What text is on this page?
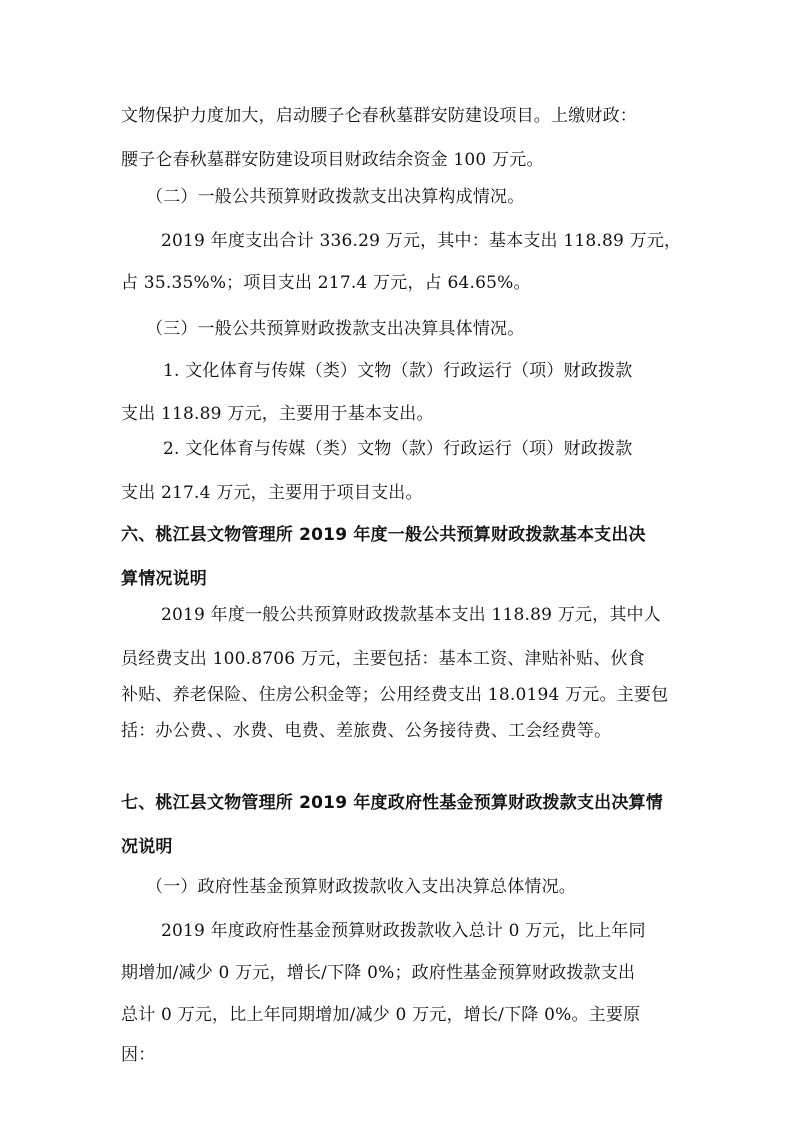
文物保护力度加大，启动腰子仑春秋墓群安防建设项目。上缴财政：
腰子仑春秋墓群安防建设项目财政结余资金 100 万元。
（二）一般公共预算财政拨款支出决算构成情况。
2019 年度支出合计 336.29 万元，其中：基本支出 118.89 万元，
占 35.35%%；项目支出 217.4 万元，占 64.65%。
（三）一般公共预算财政拨款支出决算具体情况。
1. 文化体育与传媒（类）文物（款）行政运行（项）财政拨款
支出 118.89 万元，主要用于基本支出。
2. 文化体育与传媒（类）文物（款）行政运行（项）财政拨款
支出 217.4 万元，主要用于项目支出。
六、桃江县文物管理所 2019 年度一般公共预算财政拨款基本支出决
算情况说明
2019 年度一般公共预算财政拨款基本支出 118.89 万元，其中人
员经费支出 100.8706 万元，主要包括：基本工资、津贴补贴、伙食
补贴、养老保险、住房公积金等；公用经费支出 18.0194 万元。主要包
括：办公费、、水费、电费、差旅费、公务接待费、工会经费等。
七、桃江县文物管理所 2019 年度政府性基金预算财政拨款支出决算情
况说明
（一）政府性基金预算财政拨款收入支出决算总体情况。
2019 年度政府性基金预算财政拨款收入总计 0 万元，比上年同
期增加/减少 0 万元，增长/下降 0%；政府性基金预算财政拨款支出
总计 0 万元，比上年同期增加/减少 0 万元，增长/下降 0%。主要原
因：
